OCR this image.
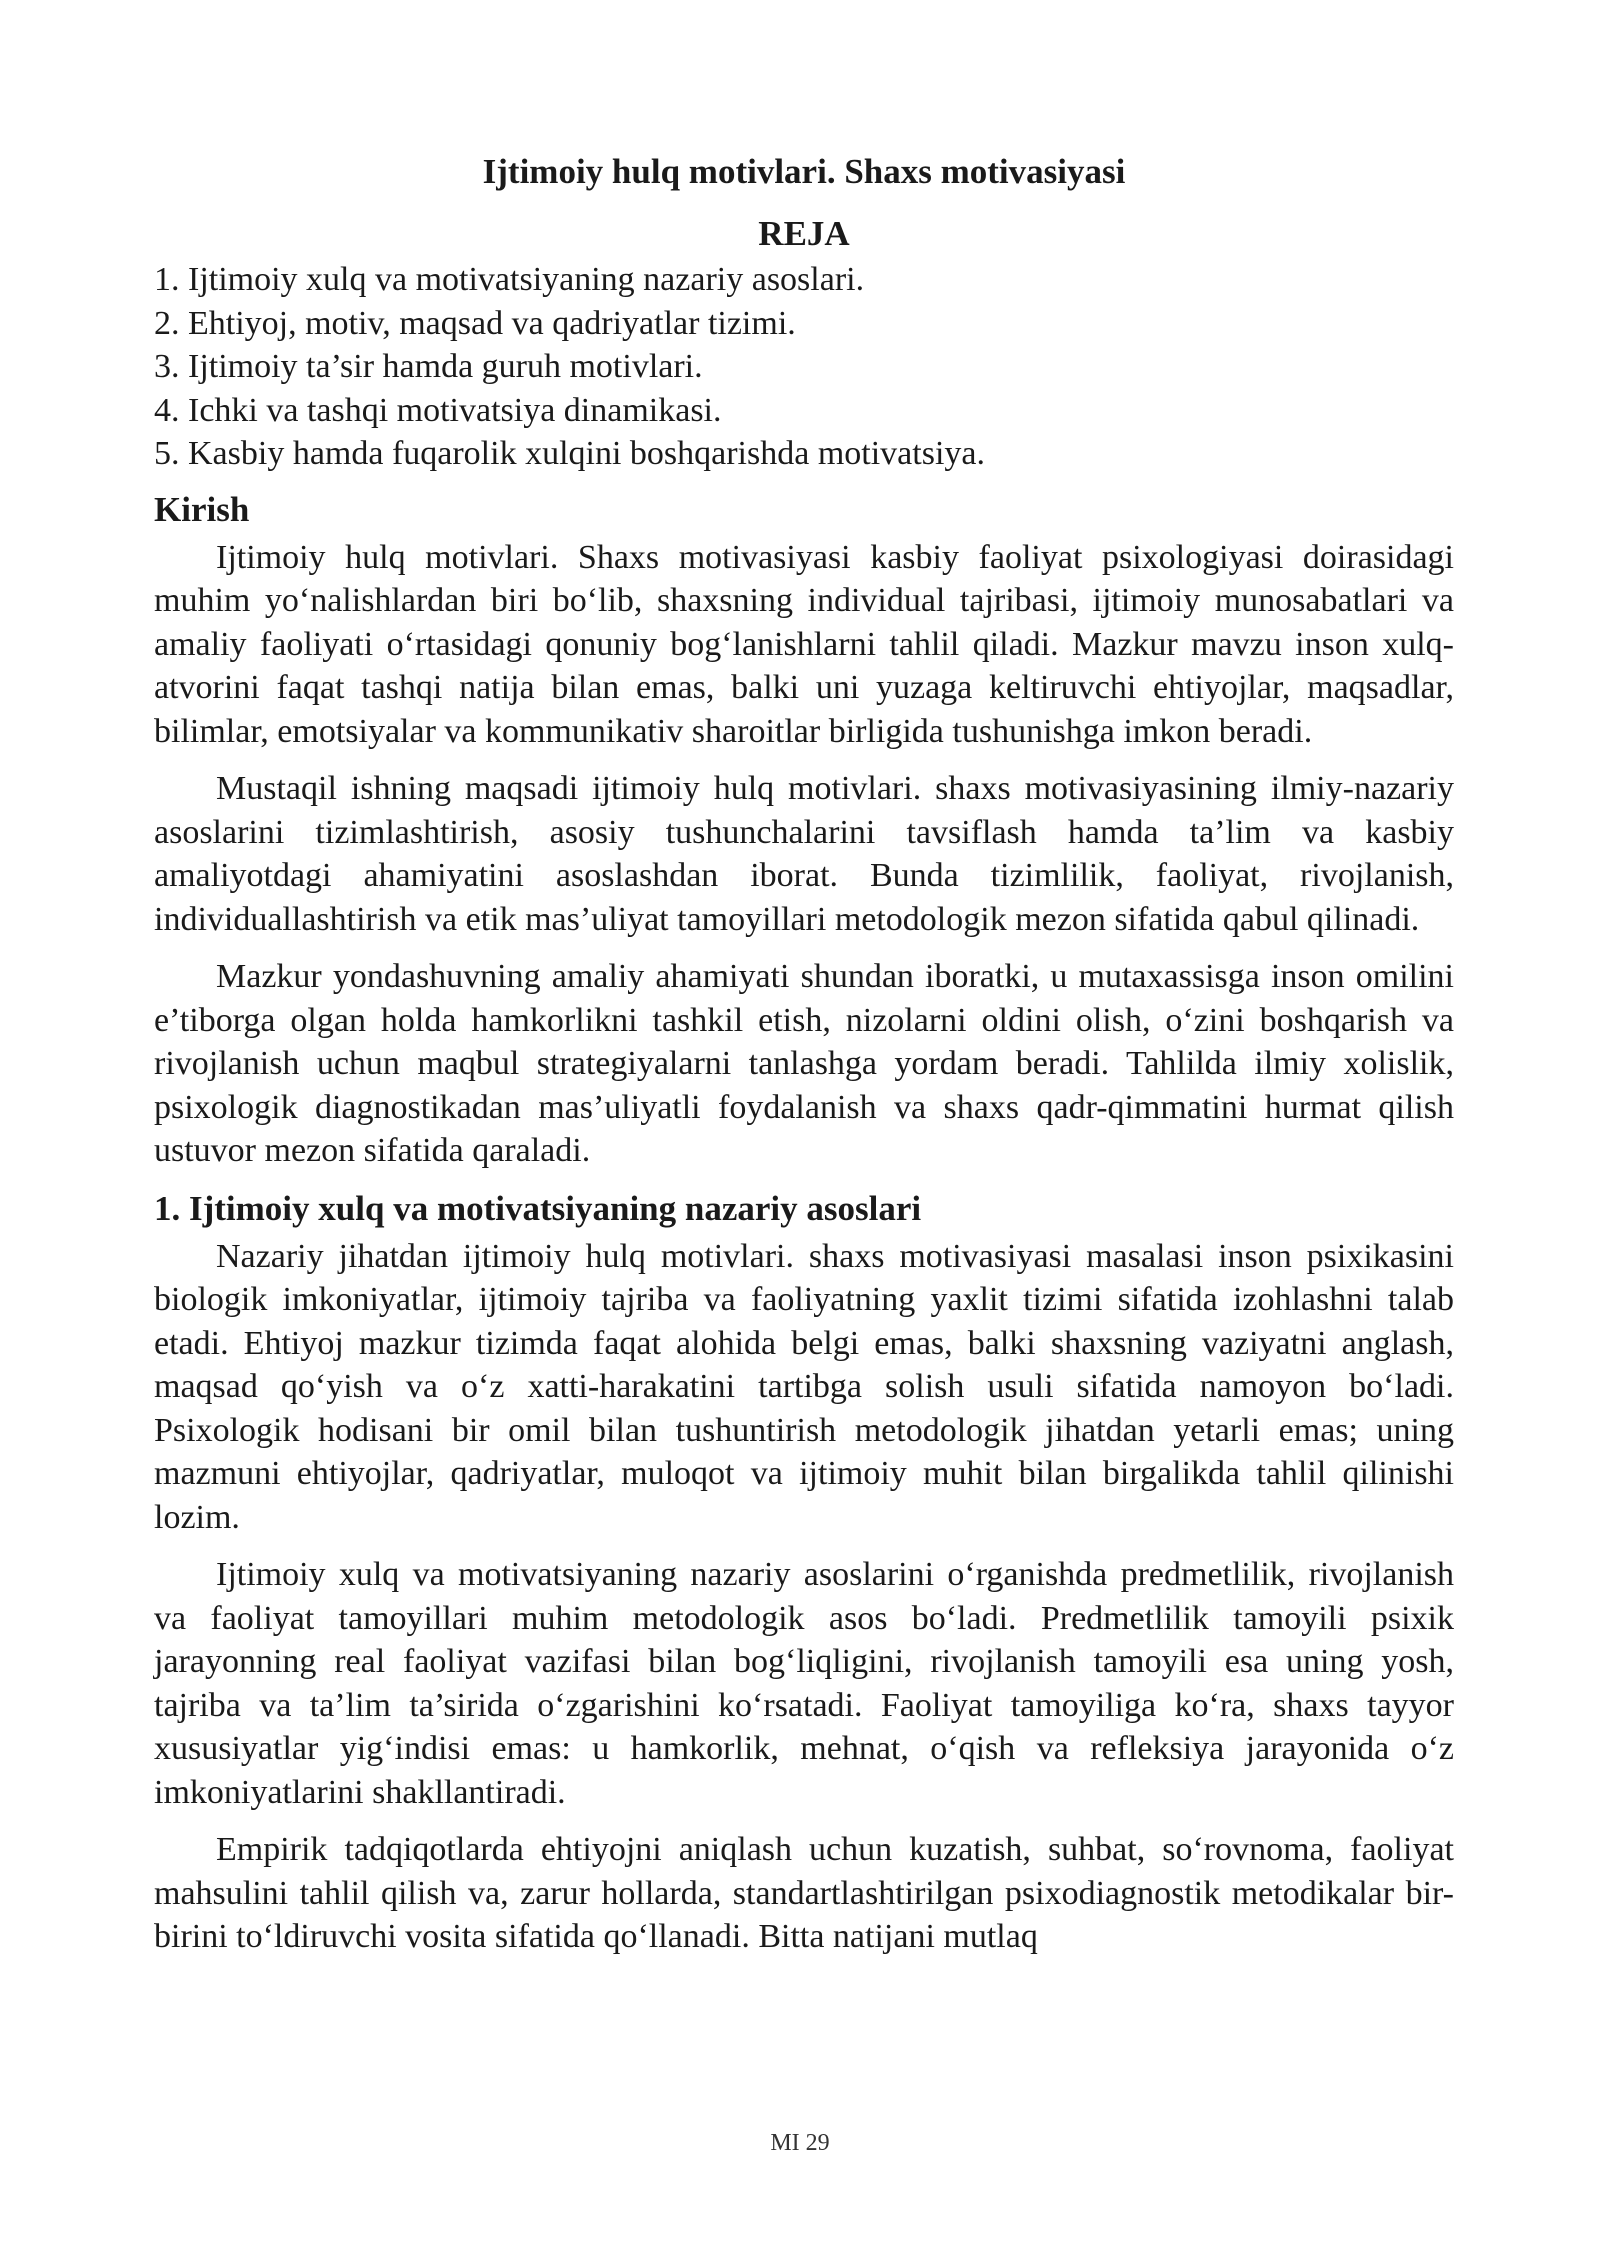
Ijtimoiy hulq motivlari. Shaxs motivasiyasi
REJA
1. Ijtimoiy xulq va motivatsiyaning nazariy asoslari.
2. Ehtiyoj, motiv, maqsad va qadriyatlar tizimi.
3. Ijtimoiy ta’sir hamda guruh motivlari.
4. Ichki va tashqi motivatsiya dinamikasi.
5. Kasbiy hamda fuqarolik xulqini boshqarishda motivatsiya.
Kirish

Ijtimoiy hulq motivlari. Shaxs motivasiyasi kasbiy faoliyat psixologiyasi doirasidagi muhim yo‘nalishlardan biri bo‘lib, shaxsning individual tajribasi, ijtimoiy munosabatlari va amaliy faoliyati o‘rtasidagi qonuniy bog‘lanishlarni tahlil qiladi. Mazkur mavzu inson xulq-atvorini faqat tashqi natija bilan emas, balki uni yuzaga keltiruvchi ehtiyojlar, maqsadlar, bilimlar, emotsiyalar va kommunikativ sharoitlar birligida tushunishga imkon beradi.

Mustaqil ishning maqsadi ijtimoiy hulq motivlari. shaxs motivasiyasining ilmiy-nazariy asoslarini tizimlashtirish, asosiy tushunchalarini tavsiflash hamda ta’lim va kasbiy amaliyotdagi ahamiyatini asoslashdan iborat. Bunda tizimlilik, faoliyat, rivojlanish, individuallashtirish va etik mas’uliyat tamoyillari metodologik mezon sifatida qabul qilinadi.

Mazkur yondashuvning amaliy ahamiyati shundan iboratki, u mutaxassisga inson omilini e’tiborga olgan holda hamkorlikni tashkil etish, nizolarni oldini olish, o‘zini boshqarish va rivojlanish uchun maqbul strategiyalarni tanlashga yordam beradi. Tahlilda ilmiy xolislik, psixologik diagnostikadan mas’uliyatli foydalanish va shaxs qadr-qimmatini hurmat qilish ustuvor mezon sifatida qaraladi.

1. Ijtimoiy xulq va motivatsiyaning nazariy asoslari

Nazariy jihatdan ijtimoiy hulq motivlari. shaxs motivasiyasi masalasi inson psixikasini biologik imkoniyatlar, ijtimoiy tajriba va faoliyatning yaxlit tizimi sifatida izohlashni talab etadi. Ehtiyoj mazkur tizimda faqat alohida belgi emas, balki shaxsning vaziyatni anglash, maqsad qo‘yish va o‘z xatti-harakatini tartibga solish usuli sifatida namoyon bo‘ladi. Psixologik hodisani bir omil bilan tushuntirish metodologik jihatdan yetarli emas; uning mazmuni ehtiyojlar, qadriyatlar, muloqot va ijtimoiy muhit bilan birgalikda tahlil qilinishi lozim.

Ijtimoiy xulq va motivatsiyaning nazariy asoslarini o‘rganishda predmetlilik, rivojlanish va faoliyat tamoyillari muhim metodologik asos bo‘ladi. Predmetlilik tamoyili psixik jarayonning real faoliyat vazifasi bilan bog‘liqligini, rivojlanish tamoyili esa uning yosh, tajriba va ta’lim ta’sirida o‘zgarishini ko‘rsatadi. Faoliyat tamoyiliga ko‘ra, shaxs tayyor xususiyatlar yig‘indisi emas: u hamkorlik, mehnat, o‘qish va refleksiya jarayonida o‘z imkoniyatlarini shakllantiradi.

Empirik tadqiqotlarda ehtiyojni aniqlash uchun kuzatish, suhbat, so‘rovnoma, faoliyat mahsulini tahlil qilish va, zarur hollarda, standartlashtirilgan psixodiagnostik metodikalar bir-birini to‘ldiruvchi vosita sifatida qo‘llanadi. Bitta natijani mutlaq

MI 29
